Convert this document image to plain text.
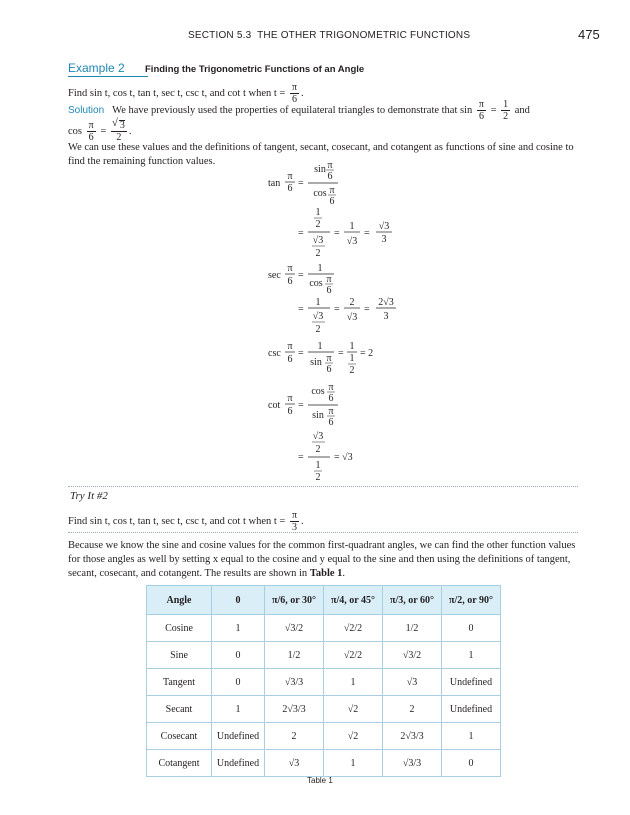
SECTION 5.3 THE OTHER TRIGONOMETRIC FUNCTIONS	475
Example 2 Finding the Trigonometric Functions of an Angle
Find sin t, cos t, tan t, sec t, csc t, and cot t when $t = \frac{\pi}{6}$ .
Solution We have previously used the properties of equilateral triangles to demonstrate that $\sin \frac{\pi}{6} = \frac{1}{2}$ and
$\cos \frac{\pi}{6}$ = √ $\frac{3}{2}$ .
We can use these values and the definitions of tangent, secant, cosecant, and cotangent as functions of sine and cosine to find the remaining function values.
tan
π
6 =
sin π
6
cos π
6
=
1
2
√3
2
=
1
√3
=
√3
3
sec
π
6
=
1
cos π
6
=
1
√3
2
=
2
√3
=
2√3
3
csc
π
6
=
1
sin π
6
=
1
1
2
= 2
cot
π
6
=
cos π
6
sin π
6
=
√3
2
1
2
= √3
Try It #2
Find sin t, cos t, tan t, sec t, csc t, and cot t when $t = \frac{\pi}{3}$ .
Because we know the sine and cosine values for the common first-quadrant angles, we can find the other function values for those angles as well by setting x equal to the cosine and y equal to the sine and then using the definitions of tangent, secant, cosecant, and cotangent. The results are shown in Table 1.
Angle	0	π/6, or 30°	π/4, or 45°	π/3, or 60°	π/2, or 90°
Cosine	1	√3/2	√2/2	1/2	0
Sine	0	1/2	√2/2	√3/2	1
Tangent	0	√3/3	1	√3	Undefined
Secant	1	2√3/3	√2	2	Undefined
Cosecant	Undefined	2	√2	2√3/3	1
Cotangent	Undefined	√3	1	√3/3	0
Table 1
